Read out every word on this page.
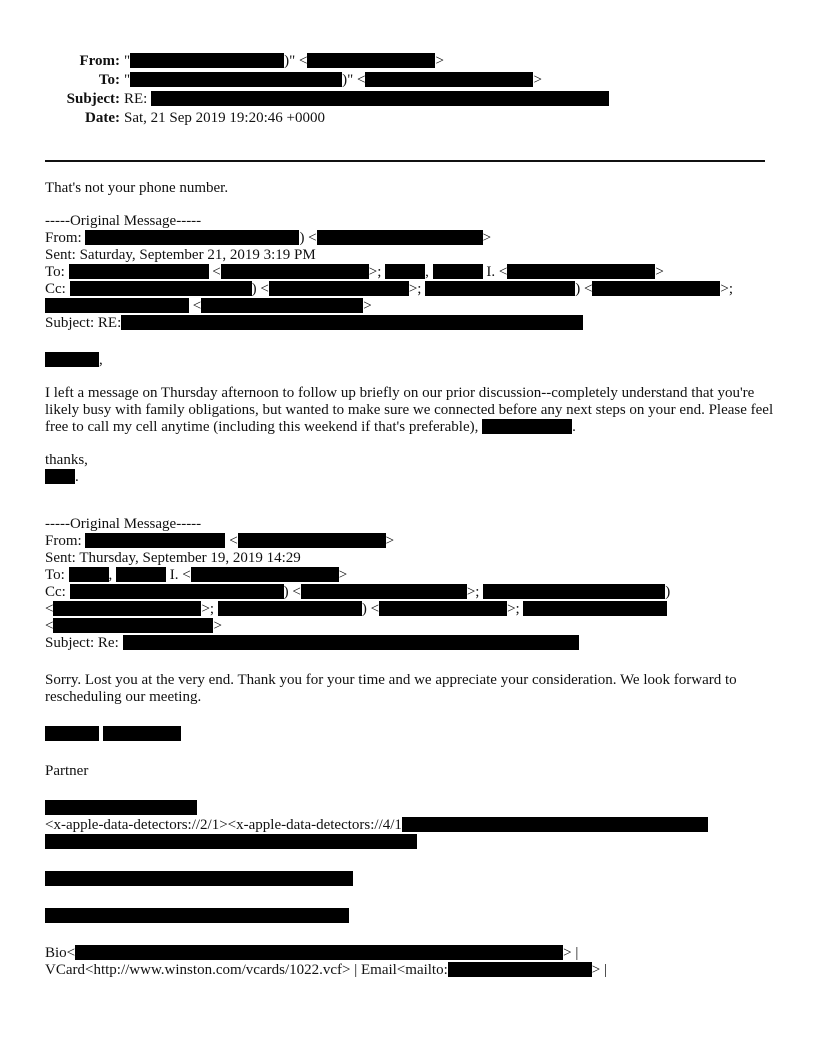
From: "	)" <	>
To: "	)" <	>
Subject: RE:
Date: Sat, 21 Sep 2019 19:20:46 +0000
That's not your phone number.
-----Original Message-----
From:	) <	>
Sent: Saturday, September 21, 2019 3:19 PM
To:	<	>;	,	I. <	>
Cc:	) <	>;	) <	>;
<	>
Subject: RE:
,

I left a message on Thursday afternoon to follow up briefly on our prior discussion--completely understand that you're likely busy with family obligations, but wanted to make sure we connected before any next steps on your end. Please feel free to call my cell anytime (including this weekend if that's preferable),	.

thanks,
.
-----Original Message-----
From:	<	>
Sent: Thursday, September 19, 2019 14:29
To:	,	I. <	>
Cc:	) <	>;	)
<	>;	) <	>;
<	>
Subject: Re:

Sorry. Lost you at the very end. Thank you for your time and we appreciate your consideration. We look forward to rescheduling our meeting.

Partner
<x-apple-data-detectors://2/1><x-apple-data-detectors://4/1
Bio<	> |
VCard<http://www.winston.com/vcards/1022.vcf> | Email<mailto:	> |
